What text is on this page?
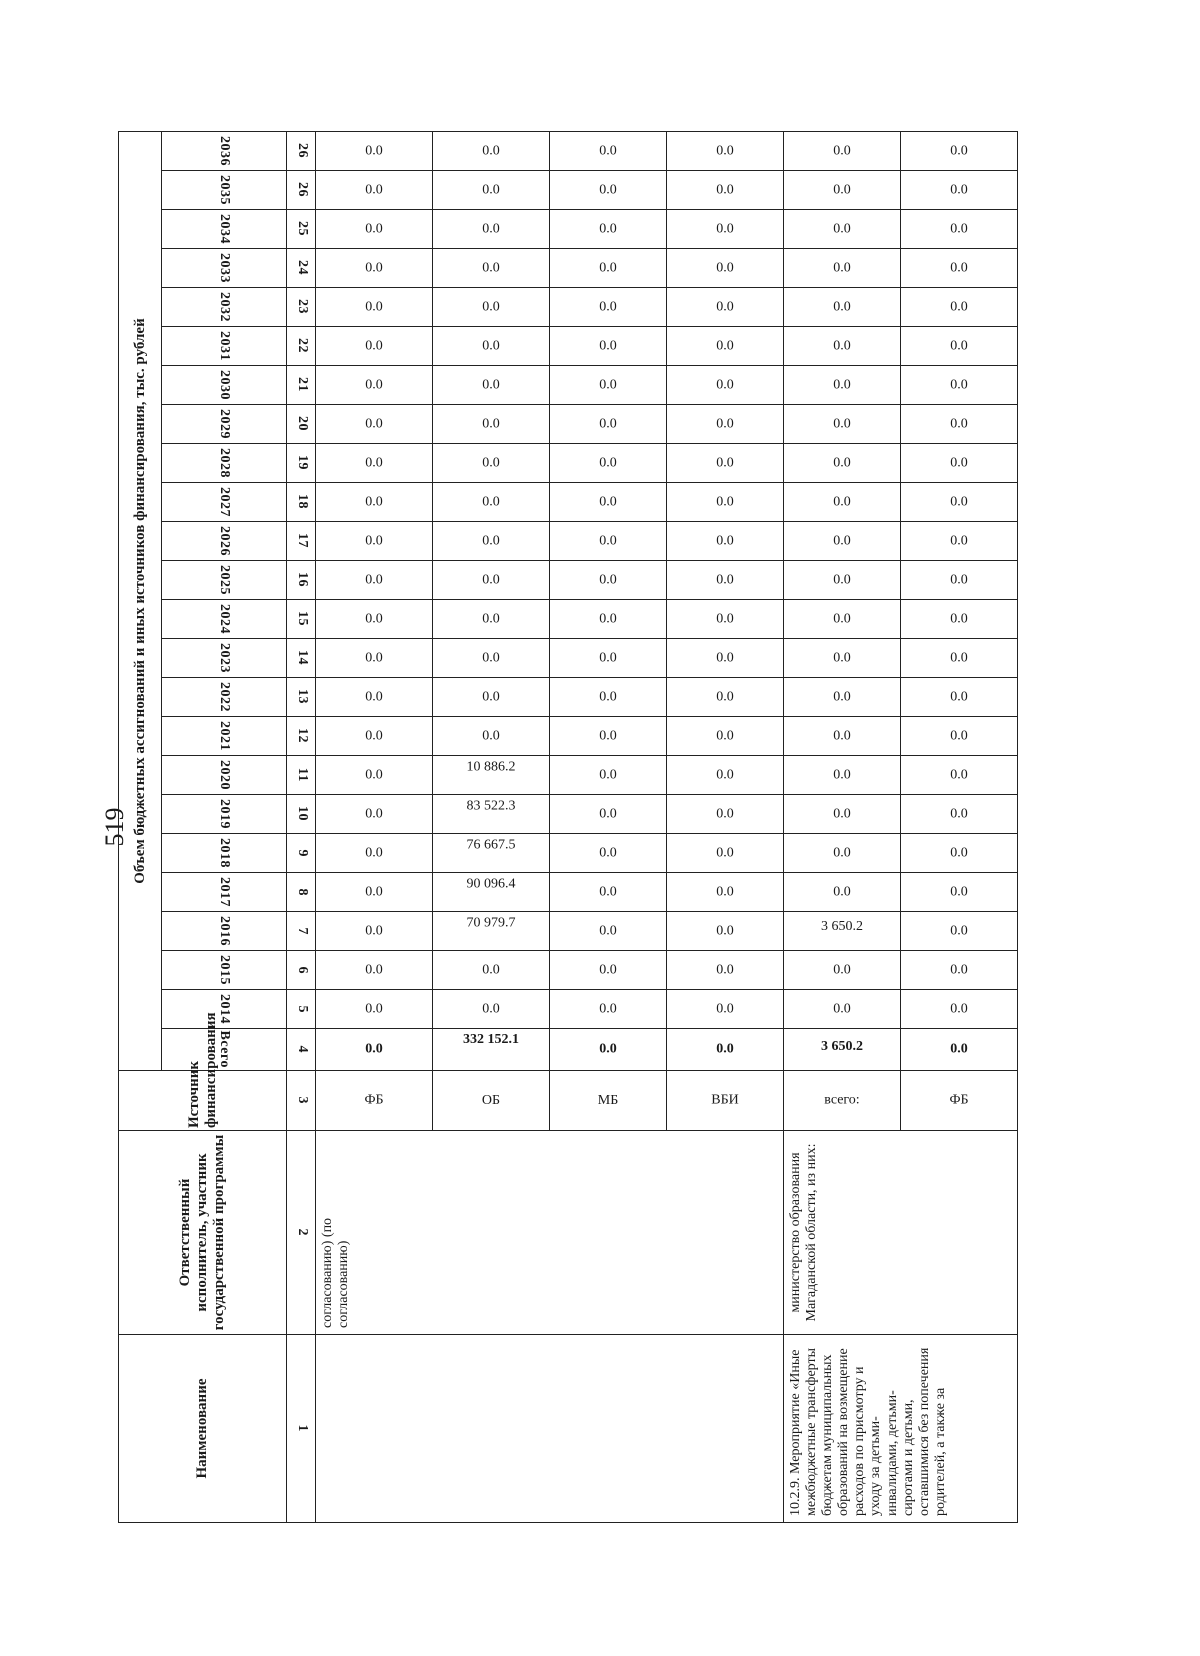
519
Наименование	Ответственный исполнитель, участник государственной программы	Источник финансирования	Объем бюджетных ассигнований и иных источников финансирования, тыс. рублей																							
			Всего	2014	2015	2016	2017	2018	2019	2020	2021	2022	2023	2024	2025	2026	2027	2028	2029	2030	2031	2032	2033	2034	2035	2036
1	2	3	4	5	6	7	8	9	10	11	12	13	14	15	16	17	18	19	20	21	22	23	24	25	26	26
	согласованию) (по согласованию)	ФБ	0.0	0.0	0.0	0.0	0.0	0.0	0.0	0.0	0.0	0.0	0.0	0.0	0.0	0.0	0.0	0.0	0.0	0.0	0.0	0.0	0.0	0.0	0.0	0.0
		ОБ	332 152.1	0.0	0.0	70 979.7	90 096.4	76 667.5	83 522.3	10 886.2	0.0	0.0	0.0	0.0	0.0	0.0	0.0	0.0	0.0	0.0	0.0	0.0	0.0	0.0	0.0	0.0
		МБ	0.0	0.0	0.0	0.0	0.0	0.0	0.0	0.0	0.0	0.0	0.0	0.0	0.0	0.0	0.0	0.0	0.0	0.0	0.0	0.0	0.0	0.0	0.0	0.0
		ВБИ	0.0	0.0	0.0	0.0	0.0	0.0	0.0	0.0	0.0	0.0	0.0	0.0	0.0	0.0	0.0	0.0	0.0	0.0	0.0	0.0	0.0	0.0	0.0	0.0
10.2.9. Мероприятие «Иные межбюджетные трансферты бюджетам муниципальных образований на возмещение расходов по присмотру и уходу за детьми-инвалидами, детьми-сиротами и детьми, оставшимися без попечения родителей, а также за	министерство образования Магаданской области, из них:	всего:	3 650.2	0.0	0.0	3 650.2	0.0	0.0	0.0	0.0	0.0	0.0	0.0	0.0	0.0	0.0	0.0	0.0	0.0	0.0	0.0	0.0	0.0	0.0	0.0	0.0
		ФБ	0.0	0.0	0.0	0.0	0.0	0.0	0.0	0.0	0.0	0.0	0.0	0.0	0.0	0.0	0.0	0.0	0.0	0.0	0.0	0.0	0.0	0.0	0.0	0.0
